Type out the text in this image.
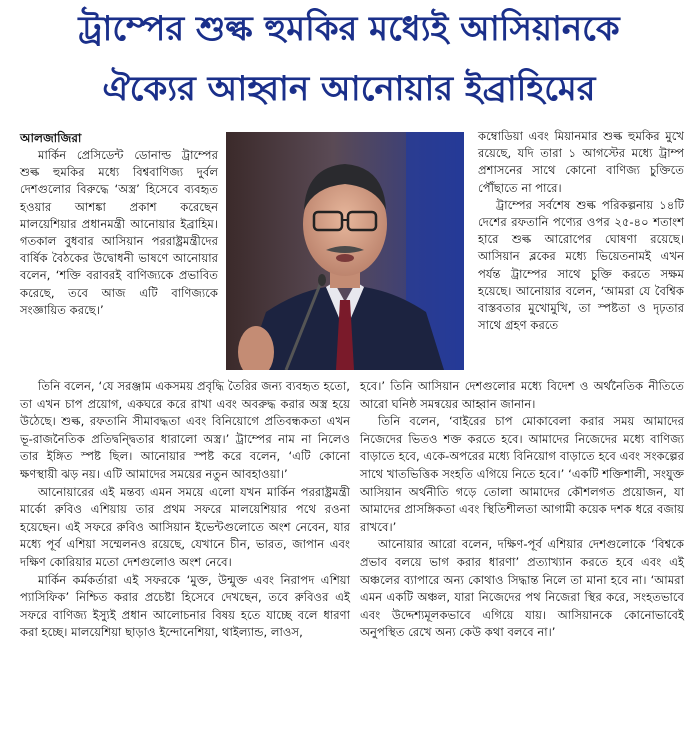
ট্রাম্পের শুল্ক হুমকির মধ্যেই আসিয়ানকে
ঐক্যের আহ্বান আনোয়ার ইব্রাহিমের

আলজাজিরা

মার্কিন প্রেসিডেন্ট ডোনাল্ড ট্রাম্পের শুল্ক হুমকির মধ্যে বিশ্ববাণিজ্য দুর্বল দেশগুলোর বিরুদ্ধে ‘অস্ত্র’ হিসেবে ব্যবহৃত হওয়ার আশঙ্কা প্রকাশ করেছেন মালয়েশিয়ার প্রধানমন্ত্রী আনোয়ার ইব্রাহিম। গতকাল বুধবার আসিয়ান পররাষ্ট্রমন্ত্রীদের বার্ষিক বৈঠকের উদ্বোধনী ভাষণে আনোয়ার বলেন, ‘শক্তি বরাবরই বাণিজ্যকে প্রভাবিত করেছে, তবে আজ এটি বাণিজ্যকে সংজ্ঞায়িত করছে।’

কম্বোডিয়া এবং মিয়ানমার শুল্ক হুমকির মুখে রয়েছে, যদি তারা ১ আগস্টের মধ্যে ট্রাম্প প্রশাসনের সাথে কোনো বাণিজ্য চুক্তিতে পৌঁছাতে না পারে।

ট্রাম্পের সর্বশেষ শুল্ক পরিকল্পনায় ১৪টি দেশের রফতানি পণ্যের ওপর ২৫-৪০ শতাংশ হারে শুল্ক আরোপের ঘোষণা রয়েছে। আসিয়ান ব্লকের মধ্যে ভিয়েতনামই এখন পর্যন্ত ট্রাম্পের সাথে চুক্তি করতে সক্ষম হয়েছে। আনোয়ার বলেন, ‘আমরা যে বৈশ্বিক বাস্তবতার মুখোমুখি, তা স্পষ্টতা ও দৃঢ়তার সাথে গ্রহণ করতে

তিনি বলেন, ‘যে সরঞ্জাম একসময় প্রবৃদ্ধি তৈরির জন্য ব্যবহৃত হতো, তা এখন চাপ প্রয়োগ, একঘরে করে রাখা এবং অবরুদ্ধ করার অস্ত্র হয়ে উঠেছে। শুল্ক, রফতানি সীমাবদ্ধতা এবং বিনিয়োগে প্রতিবন্ধকতা এখন ভূ-রাজনৈতিক প্রতিদ্বন্দ্বিতার ধারালো অস্ত্র।’ ট্রাম্পের নাম না নিলেও তার ইঙ্গিত স্পষ্ট ছিল। আনোয়ার স্পষ্ট করে বলেন, ‘এটি কোনো ক্ষণস্থায়ী ঝড় নয়। এটি আমাদের সময়ের নতুন আবহাওয়া।’

আনোয়ারের এই মন্তব্য এমন সময়ে এলো যখন মার্কিন পররাষ্ট্রমন্ত্রী মার্কো রুবিও এশিয়ায় তার প্রথম সফরে মালয়েশিয়ার পথে রওনা হয়েছেন। এই সফরে রুবিও আসিয়ান ইভেন্টগুলোতে অংশ নেবেন, যার মধ্যে পূর্ব এশিয়া সম্মেলনও রয়েছে, যেখানে চীন, ভারত, জাপান এবং দক্ষিণ কোরিয়ার মতো দেশগুলোও অংশ নেবে।

মার্কিন কর্মকর্তারা এই সফরকে ‘মুক্ত, উন্মুক্ত এবং নিরাপদ এশিয়া প্যাসিফিক’ নিশ্চিত করার প্রচেষ্টা হিসেবে দেখছেন, তবে রুবিওর এই সফরে বাণিজ্য ইস্যুই প্রধান আলোচনার বিষয় হতে যাচ্ছে বলে ধারণা করা হচ্ছে। মালয়েশিয়া ছাড়াও ইন্দোনেশিয়া, থাইল্যান্ড, লাওস,

হবে।’ তিনি আসিয়ান দেশগুলোর মধ্যে বিদেশ ও অর্থনৈতিক নীতিতে আরো ঘনিষ্ঠ সমন্বয়ের আহ্বান জানান।

তিনি বলেন, ‘বাইরের চাপ মোকাবেলা করার সময় আমাদের নিজেদের ভিতও শক্ত করতে হবে। আমাদের নিজেদের মধ্যে বাণিজ্য বাড়াতে হবে, একে-অপরের মধ্যে বিনিয়োগ বাড়াতে হবে এবং সংকল্পের সাথে খাতভিত্তিক সংহতি এগিয়ে নিতে হবে।’ ‘একটি শক্তিশালী, সংযুক্ত আসিয়ান অর্থনীতি গড়ে তোলা আমাদের কৌশলগত প্রয়োজন, যা আমাদের প্রাসঙ্গিকতা এবং স্থিতিশীলতা আগামী কয়েক দশক ধরে বজায় রাখবে।’

আনোয়ার আরো বলেন, দক্ষিণ-পূর্ব এশিয়ার দেশগুলোকে ‘বিশ্বকে প্রভাব বলয়ে ভাগ করার ধারণা’ প্রত্যাখ্যান করতে হবে এবং এই অঞ্চলের ব্যাপারে অন্য কোথাও সিদ্ধান্ত নিলে তা মানা হবে না। ‘আমরা এমন একটি অঞ্চল, যারা নিজেদের পথ নিজেরা স্থির করে, সংহতভাবে এবং উদ্দেশ্যমূলকভাবে এগিয়ে যায়। আসিয়ানকে কোনোভাবেই অনুপস্থিত রেখে অন্য কেউ কথা বলবে না।’
